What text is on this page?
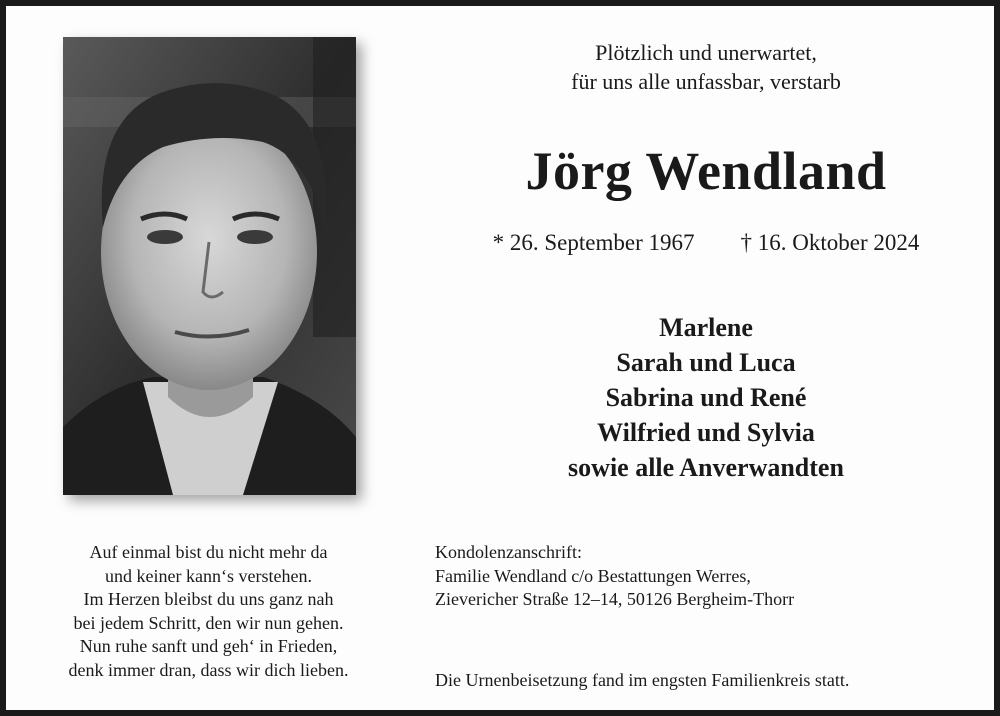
Plötzlich und unerwartet,
für uns alle unfassbar, verstarb
Jörg Wendland
* 26. September 1967 † 16. Oktober 2024
Marlene
Sarah und Luca
Sabrina und René
Wilfried und Sylvia
sowie alle Anverwandten
Auf einmal bist du nicht mehr da
und keiner kann‘s verstehen.
Im Herzen bleibst du uns ganz nah
bei jedem Schritt, den wir nun gehen.
Nun ruhe sanft und geh‘ in Frieden,
denk immer dran, dass wir dich lieben.
Kondolenzanschrift:
Familie Wendland c/o Bestattungen Werres,
Zievericher Straße 12–14, 50126 Bergheim-Thorr
Die Urnenbeisetzung fand im engsten Familienkreis statt.
